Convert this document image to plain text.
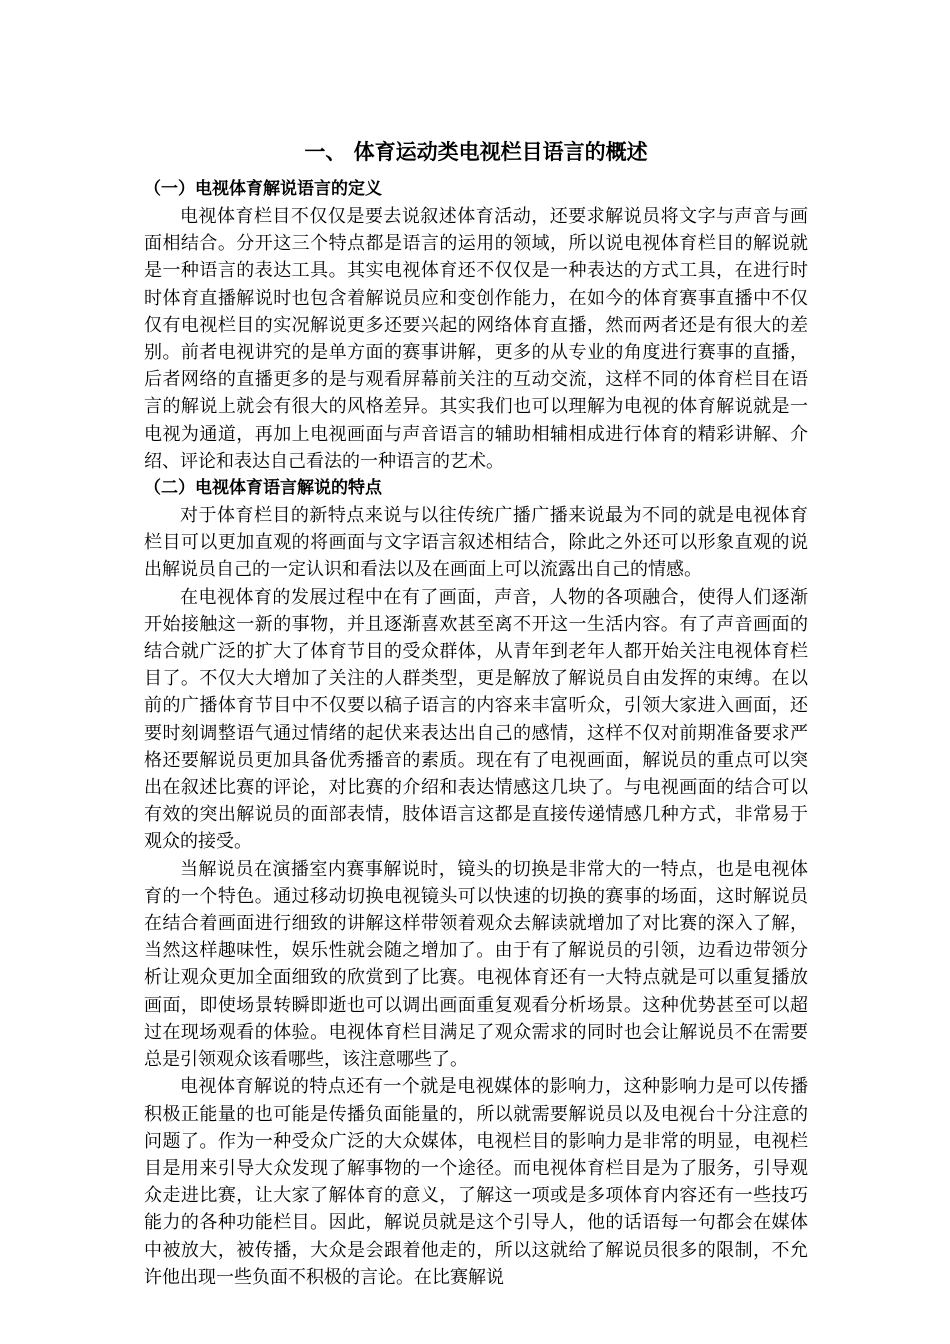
一、 体育运动类电视栏目语言的概述
（一）电视体育解说语言的定义

电视体育栏目不仅仅是要去说叙述体育活动，还要求解说员将文字与声音与画面相结合。分开这三个特点都是语言的运用的领域，所以说电视体育栏目的解说就是一种语言的表达工具。其实电视体育还不仅仅是一种表达的方式工具，在进行时时体育直播解说时也包含着解说员应和变创作能力，在如今的体育赛事直播中不仅仅有电视栏目的实况解说更多还要兴起的网络体育直播，然而两者还是有很大的差别。前者电视讲究的是单方面的赛事讲解，更多的从专业的角度进行赛事的直播，后者网络的直播更多的是与观看屏幕前关注的互动交流，这样不同的体育栏目在语言的解说上就会有很大的风格差异。其实我们也可以理解为电视的体育解说就是一电视为通道，再加上电视画面与声音语言的辅助相辅相成进行体育的精彩讲解、介绍、评论和表达自己看法的一种语言的艺术。

（二）电视体育语言解说的特点

对于体育栏目的新特点来说与以往传统广播广播来说最为不同的就是电视体育栏目可以更加直观的将画面与文字语言叙述相结合，除此之外还可以形象直观的说出解说员自己的一定认识和看法以及在画面上可以流露出自己的情感。

在电视体育的发展过程中在有了画面，声音，人物的各项融合，使得人们逐渐开始接触这一新的事物，并且逐渐喜欢甚至离不开这一生活内容。有了声音画面的结合就广泛的扩大了体育节目的受众群体，从青年到老年人都开始关注电视体育栏目了。不仅大大增加了关注的人群类型，更是解放了解说员自由发挥的束缚。在以前的广播体育节目中不仅要以稿子语言的内容来丰富听众，引领大家进入画面，还要时刻调整语气通过情绪的起伏来表达出自己的感情，这样不仅对前期准备要求严格还要解说员更加具备优秀播音的素质。现在有了电视画面，解说员的重点可以突出在叙述比赛的评论，对比赛的介绍和表达情感这几块了。与电视画面的结合可以有效的突出解说员的面部表情，肢体语言这都是直接传递情感几种方式，非常易于观众的接受。

当解说员在演播室内赛事解说时，镜头的切换是非常大的一特点，也是电视体育的一个特色。通过移动切换电视镜头可以快速的切换的赛事的场面，这时解说员在结合着画面进行细致的讲解这样带领着观众去解读就增加了对比赛的深入了解，当然这样趣味性，娱乐性就会随之增加了。由于有了解说员的引领，边看边带领分析让观众更加全面细致的欣赏到了比赛。电视体育还有一大特点就是可以重复播放画面，即使场景转瞬即逝也可以调出画面重复观看分析场景。这种优势甚至可以超过在现场观看的体验。电视体育栏目满足了观众需求的同时也会让解说员不在需要总是引领观众该看哪些，该注意哪些了。

电视体育解说的特点还有一个就是电视媒体的影响力，这种影响力是可以传播积极正能量的也可能是传播负面能量的，所以就需要解说员以及电视台十分注意的问题了。作为一种受众广泛的大众媒体，电视栏目的影响力是非常的明显，电视栏目是用来引导大众发现了解事物的一个途径。而电视体育栏目是为了服务，引导观众走进比赛，让大家了解体育的意义，了解这一项或是多项体育内容还有一些技巧能力的各种功能栏目。因此，解说员就是这个引导人，他的话语每一句都会在媒体中被放大，被传播，大众是会跟着他走的，所以这就给了解说员很多的限制，不允许他出现一些负面不积极的言论。在比赛解说
